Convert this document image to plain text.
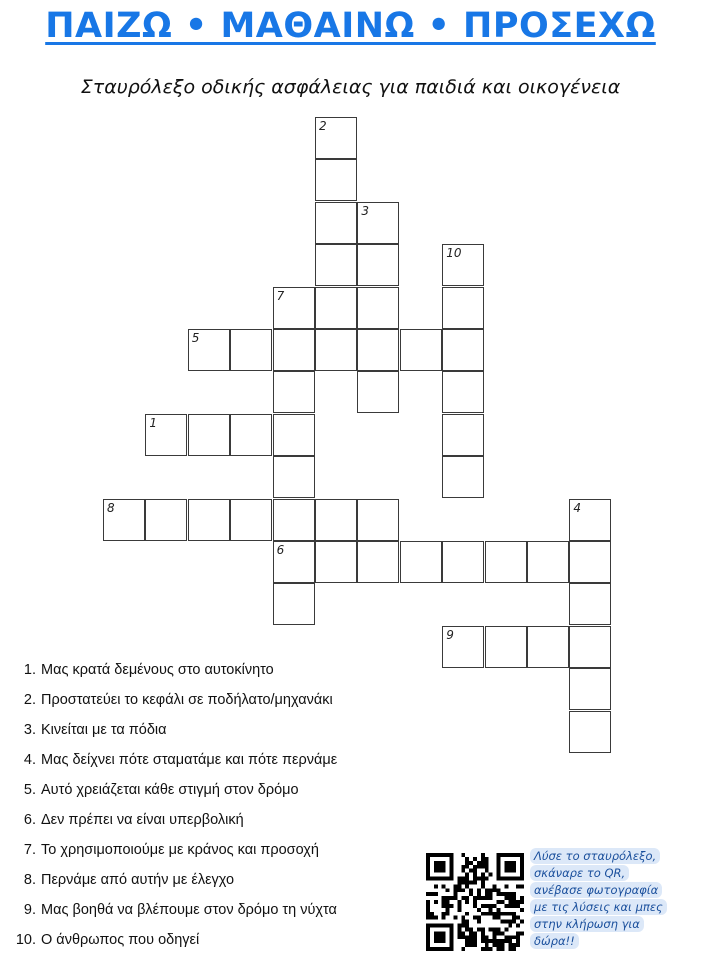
ΠΑΙΖΩ • ΜΑΘΑΙΝΩ • ΠΡΟΣΕΧΩ
Σταυρόλεξο οδικής ασφάλειας για παιδιά και οικογένεια
2
3
10
7
5
1
8	4
6
9
1. Μας κρατά δεμένους στο αυτοκίνητο
2. Προστατεύει το κεφάλι σε ποδήλατο/μηχανάκι
3. Κινείται με τα πόδια
4. Μας δείχνει πότε σταματάμε και πότε περνάμε
5. Αυτό χρειάζεται κάθε στιγμή στον δρόμο
6. Δεν πρέπει να είναι υπερβολική
7. Το χρησιμοποιούμε με κράνος και προσοχή
8. Περνάμε από αυτήν με έλεγχο
9. Μας βοηθά να βλέπουμε στον δρόμο τη νύχτα
10. Ο άνθρωπος που οδηγεί
Λύσε το σταυρόλεξο,
σκάναρε το QR,
ανέβασε φωτογραφία
με τις λύσεις και μπες
στην κλήρωση για
δώρα!!
